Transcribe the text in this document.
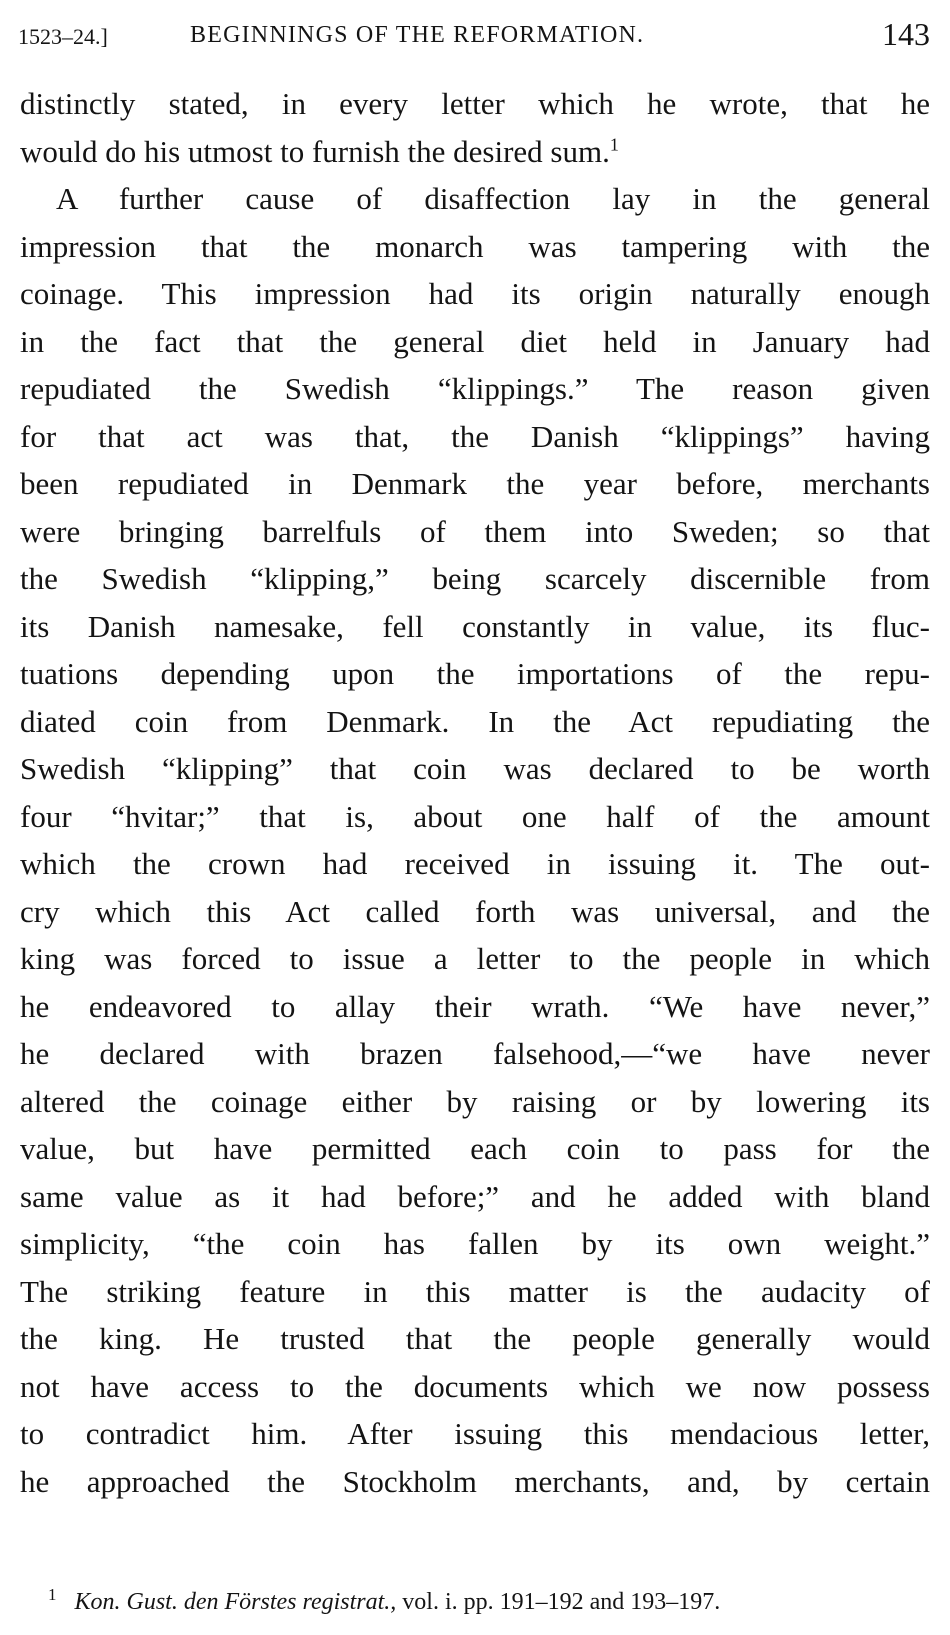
1523–24.]	BEGINNINGS OF THE REFORMATION.	143
distinctly stated, in every letter which he wrote, that he
would do his utmost to furnish the desired sum.$^1$
A further cause of disaffection lay in the general
impression that the monarch was tampering with the
coinage. This impression had its origin naturally enough
in the fact that the general diet held in January had
repudiated the Swedish “klippings.” The reason given
for that act was that, the Danish “klippings” having
been repudiated in Denmark the year before, merchants
were bringing barrelfuls of them into Sweden; so that
the Swedish “klipping,” being scarcely discernible from
its Danish namesake, fell constantly in value, its fluc-
tuations depending upon the importations of the repu-
diated coin from Denmark. In the Act repudiating the
Swedish “klipping” that coin was declared to be worth
four “hvitar;” that is, about one half of the amount
which the crown had received in issuing it. The out-
cry which this Act called forth was universal, and the
king was forced to issue a letter to the people in which
he endeavored to allay their wrath. “We have never,”
he declared with brazen falsehood,—“we have never
altered the coinage either by raising or by lowering its
value, but have permitted each coin to pass for the
same value as it had before;” and he added with bland
simplicity, “the coin has fallen by its own weight.”
The striking feature in this matter is the audacity of
the king. He trusted that the people generally would
not have access to the documents which we now possess
to contradict him. After issuing this mendacious letter,
he approached the Stockholm merchants, and, by certain
$^1$ Kon. Gust. den Förstes registrat., vol. i. pp. 191–192 and 193–197.
